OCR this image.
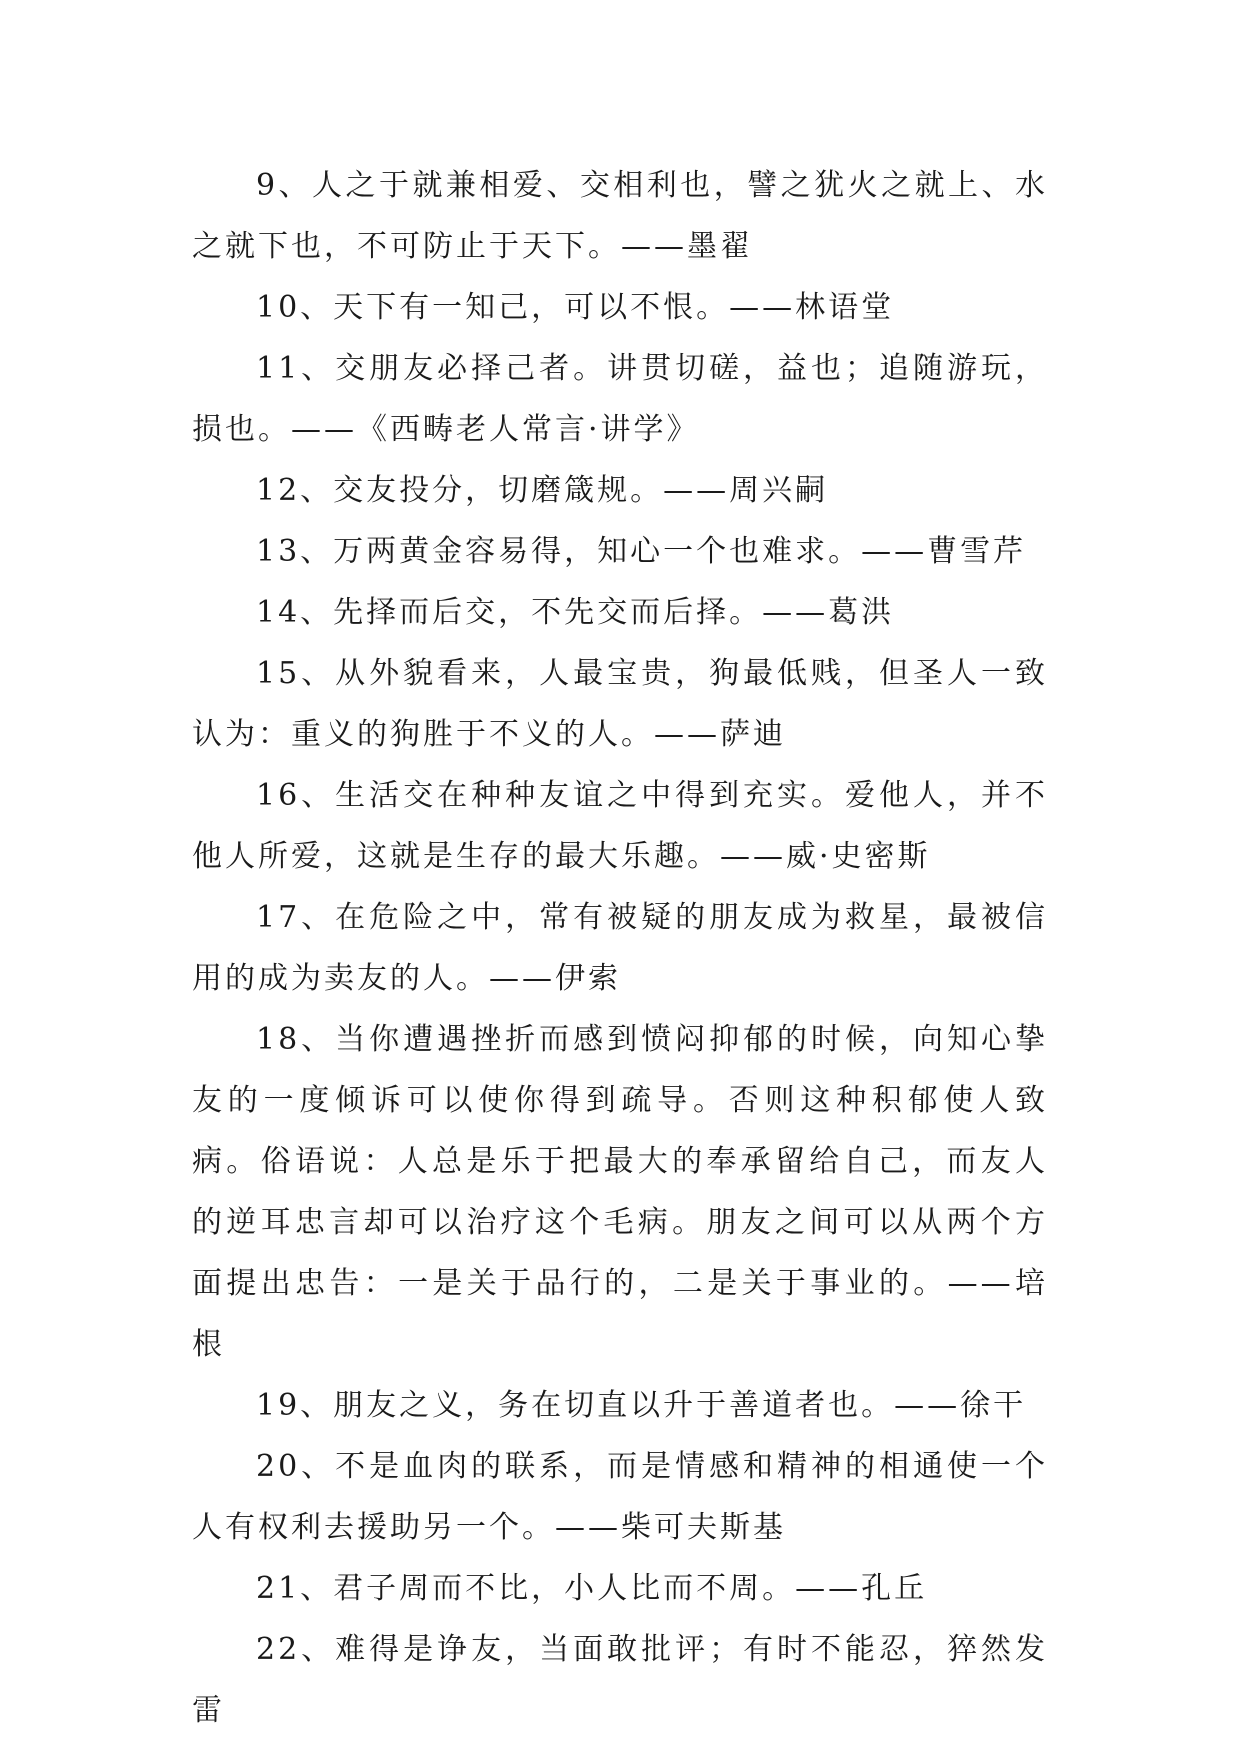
9、人之于就兼相爱、交相利也，譬之犹火之就上、水之就下也，不可防止于天下。——墨翟

10、天下有一知己，可以不恨。——林语堂

11、交朋友必择己者。讲贯切磋，益也；追随游玩，损也。——《西畴老人常言·讲学》

12、交友投分，切磨箴规。——周兴嗣

13、万两黄金容易得，知心一个也难求。——曹雪芹

14、先择而后交，不先交而后择。——葛洪

15、从外貌看来，人最宝贵，狗最低贱，但圣人一致认为：重义的狗胜于不义的人。——萨迪

16、生活交在种种友谊之中得到充实。爱他人，并不他人所爱，这就是生存的最大乐趣。——威·史密斯

17、在危险之中，常有被疑的朋友成为救星，最被信用的成为卖友的人。——伊索

18、当你遭遇挫折而感到愤闷抑郁的时候，向知心挚友的一度倾诉可以使你得到疏导。否则这种积郁使人致病。俗语说：人总是乐于把最大的奉承留给自己，而友人的逆耳忠言却可以治疗这个毛病。朋友之间可以从两个方面提出忠告：一是关于品行的，二是关于事业的。——培根

19、朋友之义，务在切直以升于善道者也。——徐干

20、不是血肉的联系，而是情感和精神的相通使一个人有权利去援助另一个。——柴可夫斯基

21、君子周而不比，小人比而不周。——孔丘

22、难得是诤友，当面敢批评；有时不能忍，猝然发雷
